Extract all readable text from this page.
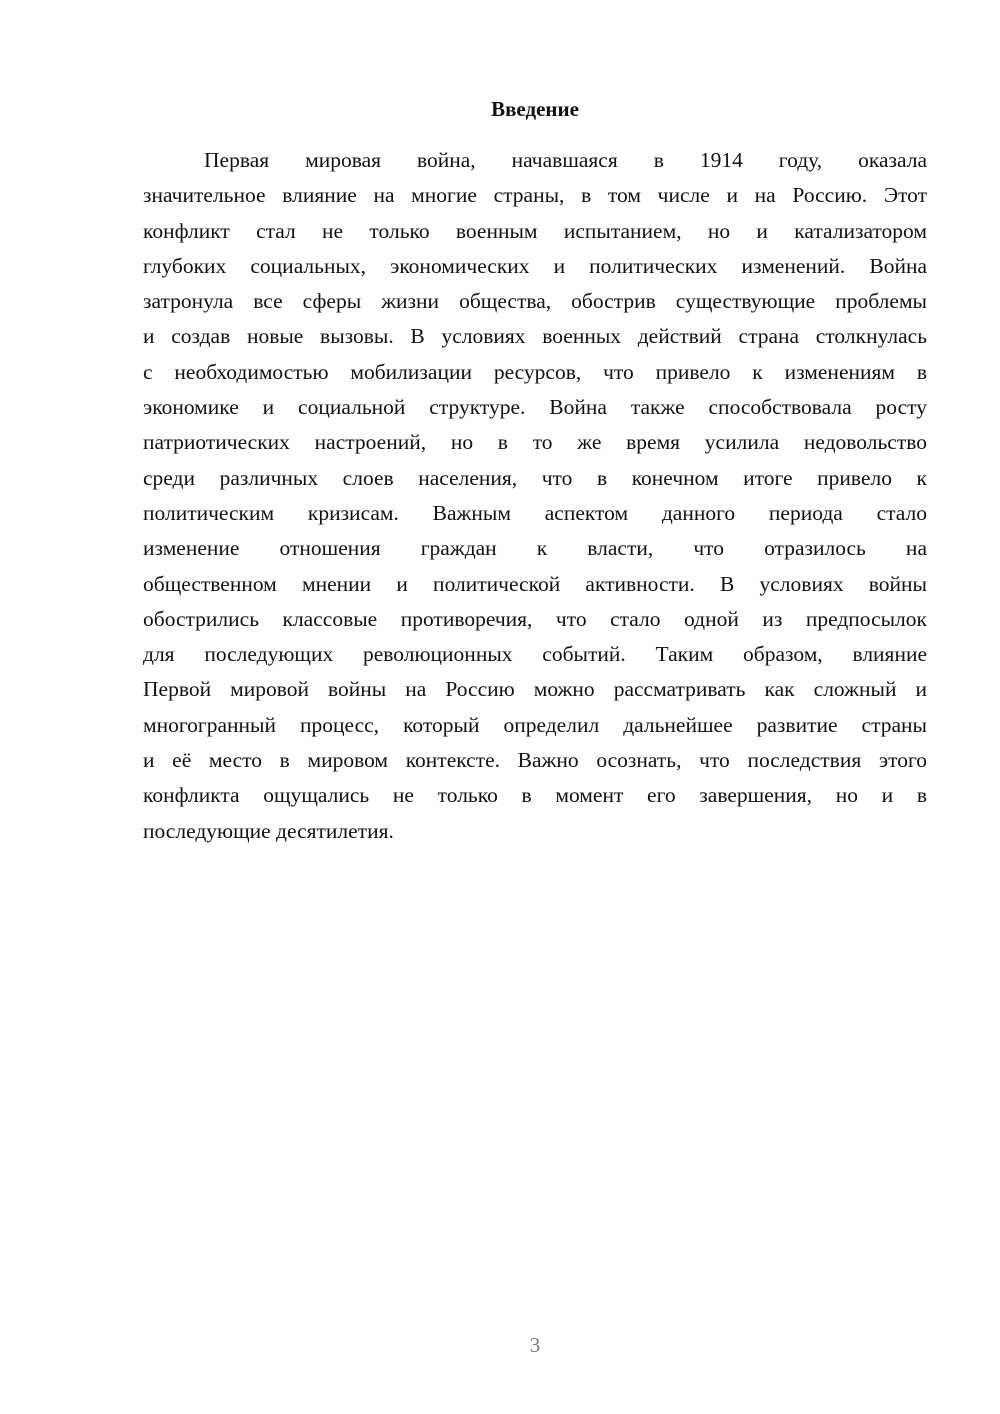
Введение
Первая мировая война, начавшаяся в 1914 году, оказала
значительное влияние на многие страны, в том числе и на Россию. Этот
конфликт стал не только военным испытанием, но и катализатором
глубоких социальных, экономических и политических изменений. Война
затронула все сферы жизни общества, обострив существующие проблемы
и создав новые вызовы. В условиях военных действий страна столкнулась
с необходимостью мобилизации ресурсов, что привело к изменениям в
экономике и социальной структуре. Война также способствовала росту
патриотических настроений, но в то же время усилила недовольство
среди различных слоев населения, что в конечном итоге привело к
политическим кризисам. Важным аспектом данного периода стало
изменение отношения граждан к власти, что отразилось на
общественном мнении и политической активности. В условиях войны
обострились классовые противоречия, что стало одной из предпосылок
для последующих революционных событий. Таким образом, влияние
Первой мировой войны на Россию можно рассматривать как сложный и
многогранный процесс, который определил дальнейшее развитие страны
и её место в мировом контексте. Важно осознать, что последствия этого
конфликта ощущались не только в момент его завершения, но и в
последующие десятилетия.
3
